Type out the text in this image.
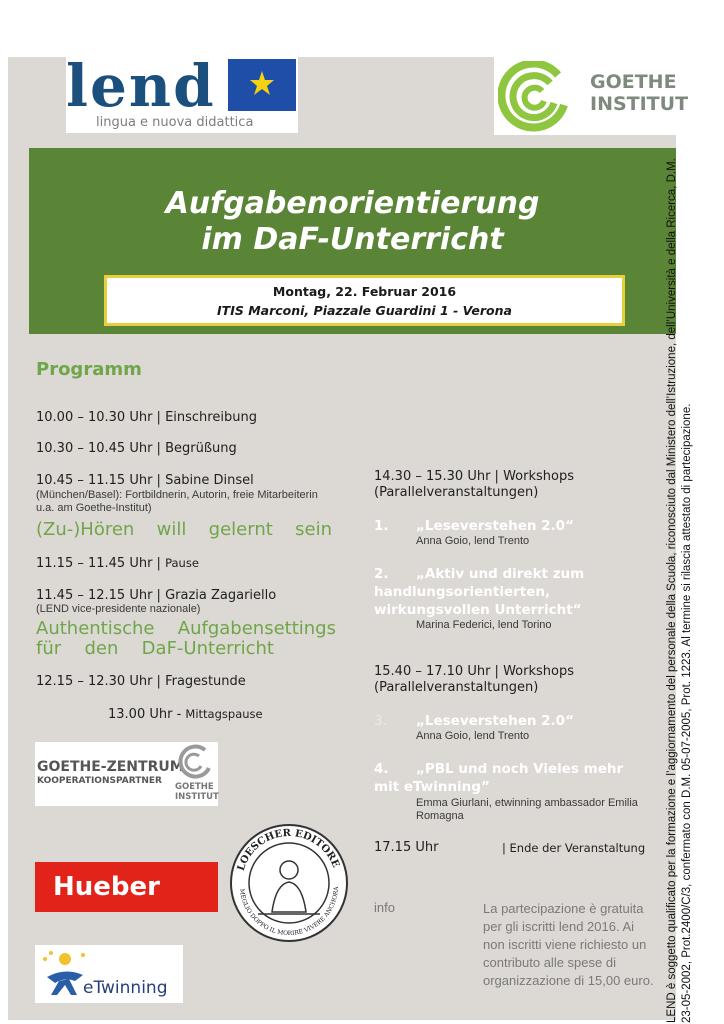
lend
lingua e nuova didattica
GOETHE
INSTITUT
Aufgabenorientierung
im DaF-Unterricht
Montag, 22. Februar 2016
ITIS Marconi, Piazzale Guardini 1 - Verona
Programm
10.00 – 10.30 Uhr | Einschreibung
10.30 – 10.45 Uhr | Begrüßung
10.45 – 11.15 Uhr | Sabine Dinsel
(München/Basel): Fortbildnerin, Autorin, freie Mitarbeiterin
u.a. am Goethe-Institut)
(Zu-)Hören will gelernt sein
11.15 – 11.45 Uhr | Pause
11.45 – 12.15 Uhr | Grazia Zagariello
(LEND vice-presidente nazionale)
Authentische Aufgabensettings
für den DaF-Unterricht
12.15 – 12.30 Uhr | Fragestunde
13.00 Uhr - Mittagspause
14.30 – 15.30 Uhr | Workshops
(Parallelveranstaltungen)
1. „Leseverstehen 2.0“
Anna Goio, lend Trento
2. „Aktiv und direkt zum
handlungsorientierten,
wirkungsvollen Unterricht“
Marina Federici, lend Torino
15.40 – 17.10 Uhr | Workshops
(Parallelveranstaltungen)
3. „Leseverstehen 2.0“
Anna Goio, lend Trento
4. „PBL und noch Vieles mehr
mit eTwinning”
Emma Giurlani, etwinning ambassador Emilia
Romagna
17.15 Uhr	| Ende der Veranstaltung
info	La partecipazione è gratuita
per gli iscritti lend 2016. Ai
non iscritti viene richiesto un
contributo alle spese di
organizzazione di 15,00 euro.
GOETHE-ZENTRUM
KOOPERATIONSPARTNER
GOETHE
INSTITUT
Hueber
LOESCHER EDITORE
MEGLIO DOPPO IL MORIRE VIVERE ANCHORA
eTwinning	LEND è soggetto qualificato per la formazione e l’aggiornamento del personale della Scuola, riconosciuto dal Ministero dell’Istruzione, dell’Università e della Ricerca, D.M. 23-05-2002, Prot.2400/C/3, confermato con D.M. 05-07-2005, Prot. 1223. Al termine si rilascia attestato di partecipazione.
